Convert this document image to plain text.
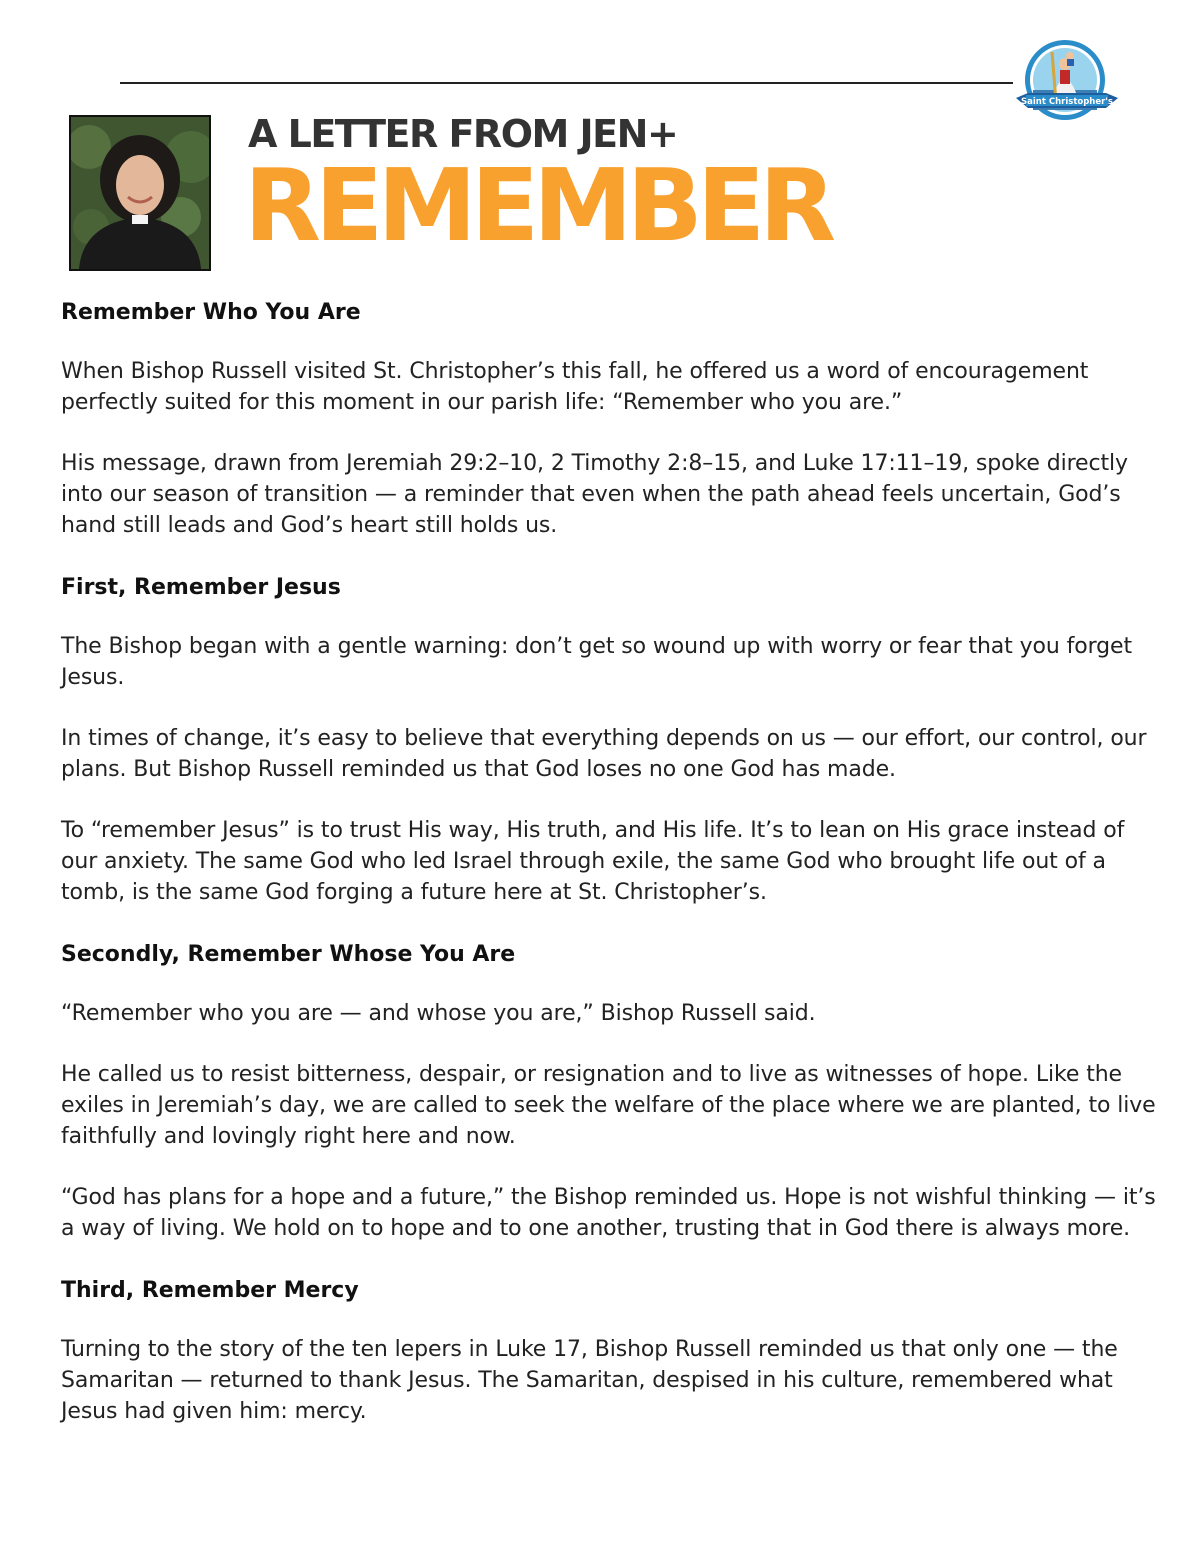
Saint Christopher's
A LETTER FROM JEN+
REMEMBER
Remember Who You Are

When Bishop Russell visited St. Christopher’s this fall, he offered us a word of encouragement perfectly suited for this moment in our parish life: “Remember who you are.”

His message, drawn from Jeremiah 29:2–10, 2 Timothy 2:8–15, and Luke 17:11–19, spoke directly into our season of transition — a reminder that even when the path ahead feels uncertain, God’s hand still leads and God’s heart still holds us.

First, Remember Jesus

The Bishop began with a gentle warning: don’t get so wound up with worry or fear that you forget Jesus.

In times of change, it’s easy to believe that everything depends on us — our effort, our control, our plans. But Bishop Russell reminded us that God loses no one God has made.

To “remember Jesus” is to trust His way, His truth, and His life. It’s to lean on His grace instead of our anxiety. The same God who led Israel through exile, the same God who brought life out of a tomb, is the same God forging a future here at St. Christopher’s.

Secondly, Remember Whose You Are

“Remember who you are — and whose you are,” Bishop Russell said.

He called us to resist bitterness, despair, or resignation and to live as witnesses of hope. Like the exiles in Jeremiah’s day, we are called to seek the welfare of the place where we are planted, to live faithfully and lovingly right here and now.

“God has plans for a hope and a future,” the Bishop reminded us. Hope is not wishful thinking — it’s a way of living. We hold on to hope and to one another, trusting that in God there is always more.

Third, Remember Mercy

Turning to the story of the ten lepers in Luke 17, Bishop Russell reminded us that only one — the Samaritan — returned to thank Jesus. The Samaritan, despised in his culture, remembered what Jesus had given him: mercy.
